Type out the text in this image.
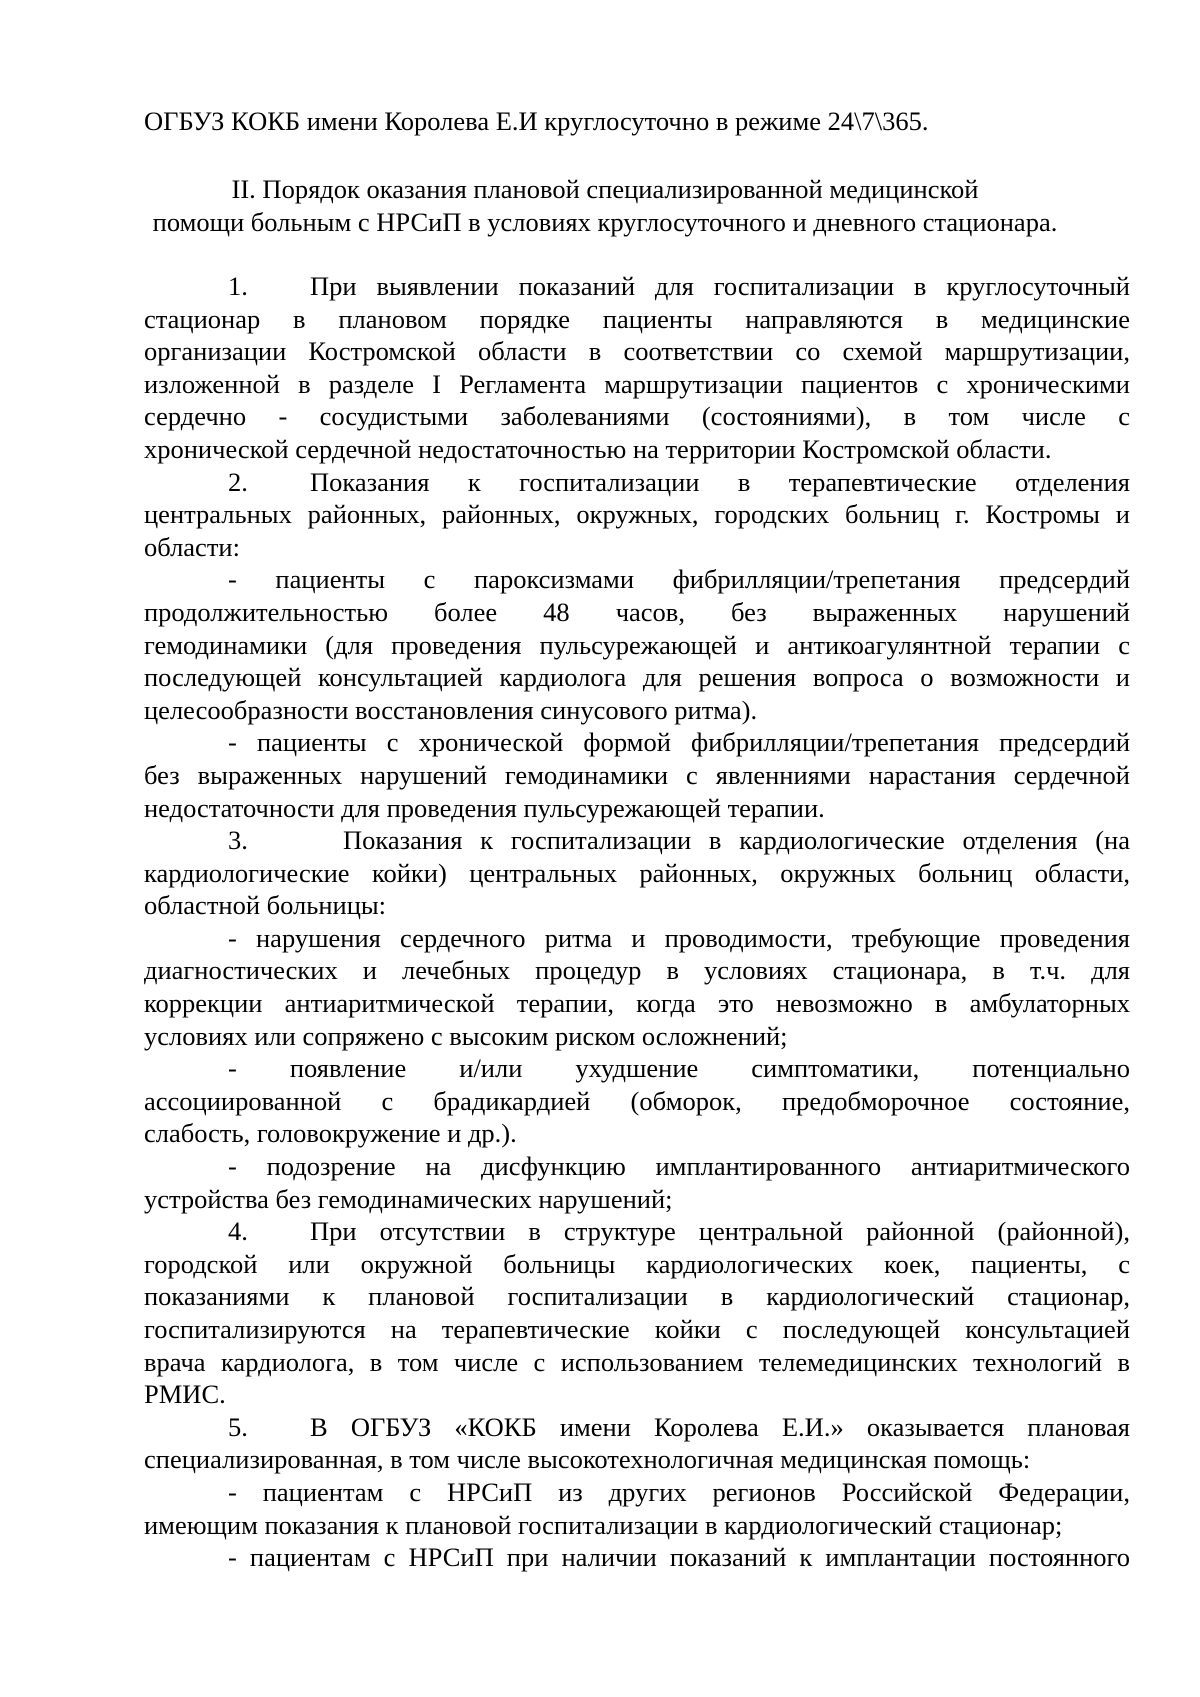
ОГБУЗ КОКБ имени Королева Е.И круглосуточно в режиме 24\7\365.
II. Порядок оказания плановой специализированной медицинской
помощи больным с НРСиП в условиях круглосуточного и дневного стационара.
1. При выявлении показаний для госпитализации в круглосуточный
стационар в плановом порядке пациенты направляются в медицинские
организации Костромской области в соответствии со схемой маршрутизации,
изложенной в разделе I Регламента маршрутизации пациентов с хроническими
сердечно - сосудистыми заболеваниями (состояниями), в том числе с
хронической сердечной недостаточностью на территории Костромской области.
2. Показания к госпитализации в терапевтические отделения
центральных районных, районных, окружных, городских больниц г. Костромы и
области:
- пациенты с пароксизмами фибрилляции/трепетания предсердий
продолжительностью более 48 часов, без выраженных нарушений
гемодинамики (для проведения пульсурежающей и антикоагулянтной терапии с
последующей консультацией кардиолога для решения вопроса о возможности и
целесообразности восстановления синусового ритма).
- пациенты с хронической формой фибрилляции/трепетания предсердий
без выраженных нарушений гемодинамики с явленниями нарастания сердечной
недостаточности для проведения пульсурежающей терапии.
3.	Показания к госпитализации в кардиологические отделения (на
кардиологические койки) центральных районных, окружных больниц области,
областной больницы:
- нарушения сердечного ритма и проводимости, требующие проведения
диагностических и лечебных процедур в условиях стационара, в т.ч. для
коррекции антиаритмической терапии, когда это невозможно в амбулаторных
условиях или сопряжено с высоким риском осложнений;
- появление и/или ухудшение симптоматики, потенциально
ассоциированной с брадикардией (обморок, предобморочное состояние,
слабость, головокружение и др.).
- подозрение на дисфункцию имплантированного антиаритмического
устройства без гемодинамических нарушений;
4. При отсутствии в структуре центральной районной (районной),
городской или окружной больницы кардиологических коек, пациенты, с
показаниями к плановой госпитализации в кардиологический стационар,
госпитализируются на терапевтические койки с последующей консультацией
врача кардиолога, в том числе с использованием телемедицинских технологий в
РМИС.
5. В ОГБУЗ «КОКБ имени Королева Е.И.» оказывается плановая
специализированная, в том числе высокотехнологичная медицинская помощь:
- пациентам с НРСиП из других регионов Российской Федерации,
имеющим показания к плановой госпитализации в кардиологический стационар;
- пациентам с НРСиП при наличии показаний к имплантации постоянного
